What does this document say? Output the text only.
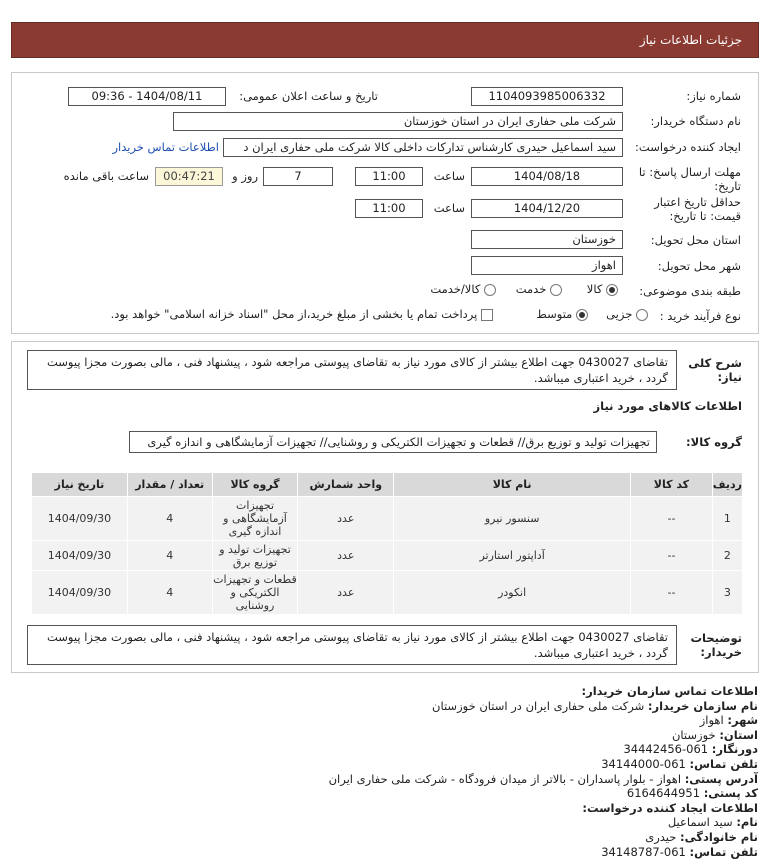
جزئیات اطلاعات نیاز
شماره نیاز:
1104093985006332
تاریخ و ساعت اعلان عمومی:
1404/08/11 - 09:36
نام دستگاه خریدار:
شرکت ملی حفاری ایران در استان خوزستان
ایجاد کننده درخواست:
سید اسماعیل حیدری کارشناس تدارکات داخلی کالا شرکت ملی حفاری ایران د
اطلاعات تماس خریدار
مهلت ارسال پاسخ: تا
تاریخ:
1404/08/18
ساعت
11:00
7
روز و
00:47:21
ساعت باقی مانده
حداقل تاریخ اعتبار
قیمت: تا تاریخ:
1404/12/20
ساعت
11:00
استان محل تحویل:
خوزستان
شهر محل تحویل:
اهواز
طبقه بندی موضوعی:
کالا
خدمت
کالا/خدمت
نوع فرآیند خرید :
جزیی
متوسط
پرداخت تمام یا بخشی از مبلغ خرید،از محل "اسناد خزانه اسلامی" خواهد بود.
شرح کلی
نیاز:
تقاضای 0430027 جهت اطلاع بیشتر از کالای مورد نیاز به تقاضای پیوستی مراجعه شود ، پیشنهاد فنی ، مالی بصورت مجزا پیوست گردد ، خرید اعتباری میباشد.
اطلاعات کالاهای مورد نیاز
گروه کالا:
تجهیزات تولید و توزیع برق// قطعات و تجهیزات الکتریکی و روشنایی// تجهیزات آزمایشگاهی و اندازه گیری
ردیف	کد کالا	نام کالا	واحد شمارش	گروه کالا	تعداد / مقدار	تاریخ نیاز
1	--	سنسور نیرو	عدد	تجهیزات آزمایشگاهی و اندازه گیری	4	1404/09/30
2	--	آداپتور استارتر	عدد	تجهیزات تولید و توزیع برق	4	1404/09/30
3	--	انکودر	عدد	قطعات و تجهیزات الکتریکی و روشنایی	4	1404/09/30
توضیحات
خریدار:
تقاضای 0430027 جهت اطلاع بیشتر از کالای مورد نیاز به تقاضای پیوستی مراجعه شود ، پیشنهاد فنی ، مالی بصورت مجزا پیوست گردد ، خرید اعتباری میباشد.
اطلاعات تماس سازمان خریدار:
نام سازمان خریدار: شرکت ملی حفاری ایران در استان خوزستان
شهر: اهواز
استان: خوزستان
دورنگار: 061-34442456
تلفن تماس: 061-34144000
آدرس پستی: اهواز - بلوار پاسداران - بالاتر از میدان فرودگاه - شرکت ملی حفاری ایران
کد پستی: 6164644951
اطلاعات ایجاد کننده درخواست:
نام: سید اسماعیل
نام خانوادگی: حیدری
تلفن تماس: 061-34148787
